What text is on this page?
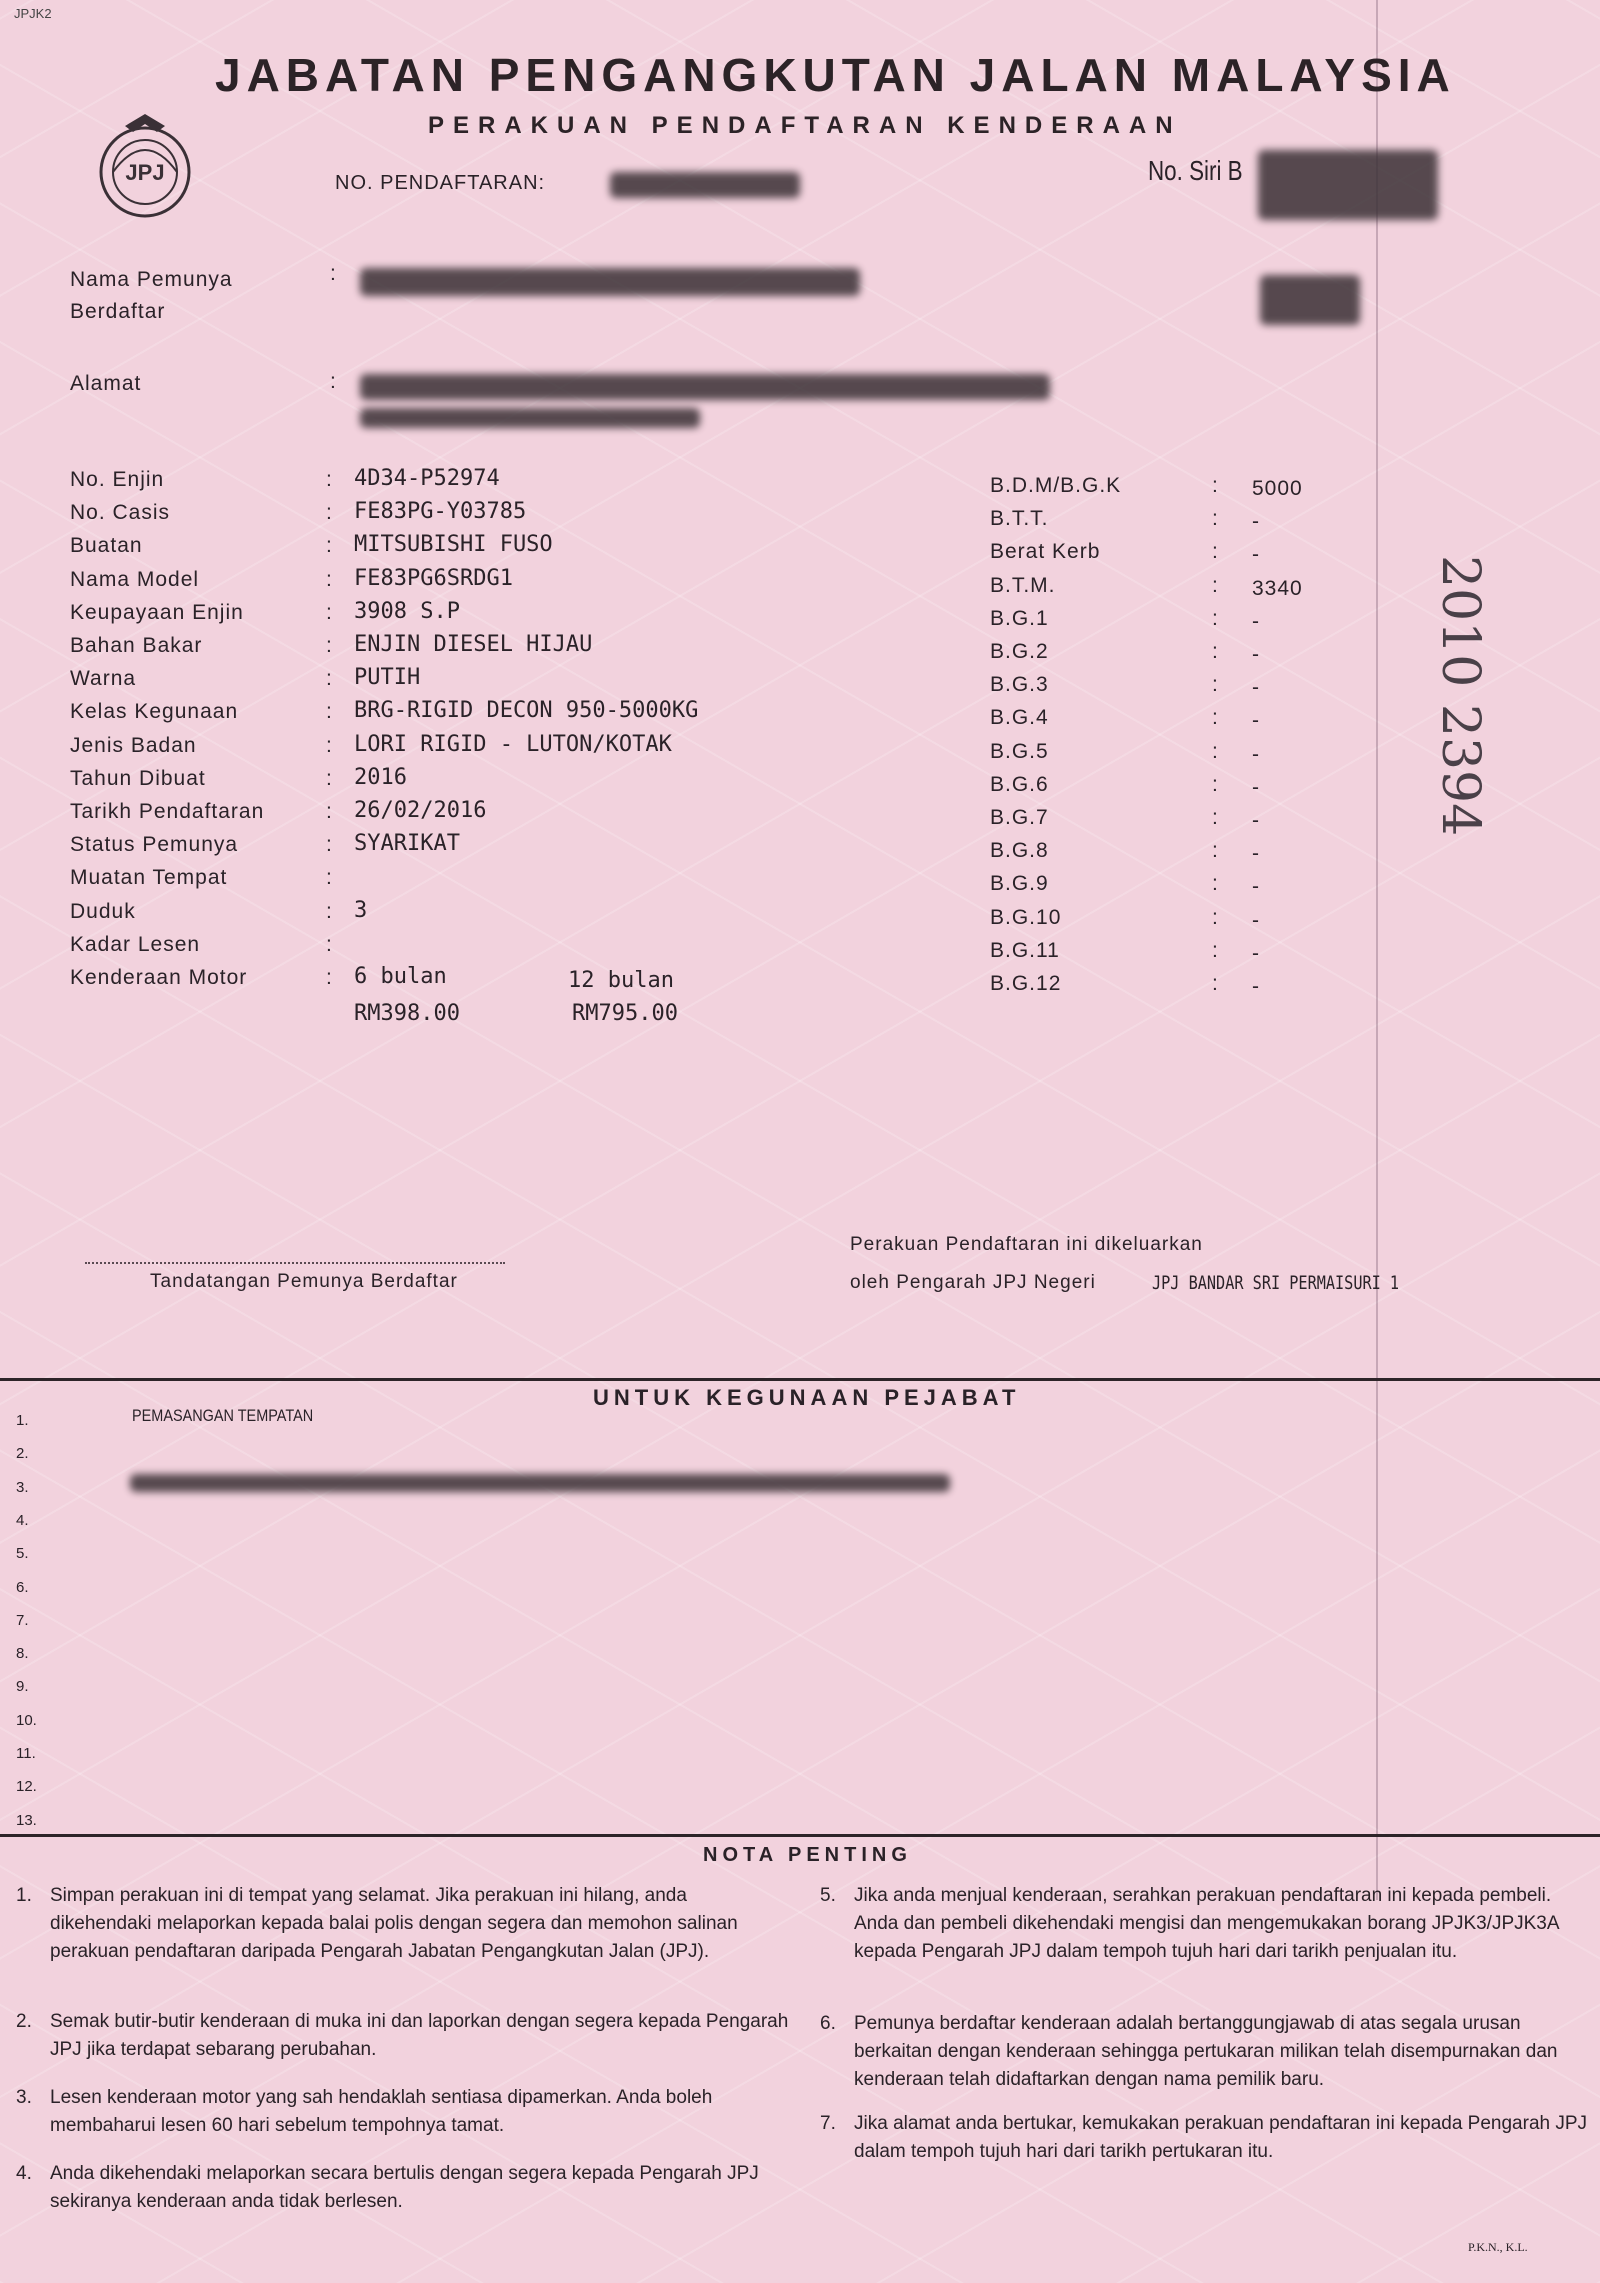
JPJK2
JPJ
JABATAN PENGANGKUTAN JALAN MALAYSIA
PERAKUAN PENDAFTARAN KENDERAAN
NO. PENDAFTARAN:	No. Siri B
Nama Pemunya
Berdaftar
:
Alamat	:
No. Enjin	: 4D34-P52974
No. Casis	: FE83PG-Y03785
Buatan	: MITSUBISHI FUSO
Nama Model	: FE83PG6SRDG1
Keupayaan Enjin	: 3908 S.P
Bahan Bakar	: ENJIN DIESEL HIJAU
Warna	: PUTIH
Kelas Kegunaan	: BRG-RIGID DECON 950-5000KG
Jenis Badan	: LORI RIGID - LUTON/KOTAK
Tahun Dibuat	: 2016
Tarikh Pendaftaran	: 26/02/2016
Status Pemunya	: SYARIKAT
Muatan Tempat	:
Duduk	: 3
Kadar Lesen	:
Kenderaan Motor	: 6 bulan	12 bulan
RM398.00	RM795.00
B.D.M/B.G.K	: 5000
B.T.T.	: -
Berat Kerb	: -
B.T.M.	: 3340
B.G.1	: -
B.G.2	: -
B.G.3	: -
B.G.4	: -
B.G.5	: -
B.G.6	: -
B.G.7	: -
B.G.8	: -
B.G.9	: -
B.G.10	: -
B.G.11	: -
B.G.12	: -
2010 2394
Tandatangan Pemunya Berdaftar
Perakuan Pendaftaran ini dikeluarkan
oleh Pengarah JPJ Negeri	JPJ BANDAR SRI PERMAISURI 1
UNTUK KEGUNAAN PEJABAT
PEMASANGAN TEMPATAN
1.
2.
3.
4.
5.
6.
7.
8.
9.
10.
11.
12.
13.
NOTA PENTING
1. Simpan perakuan ini di tempat yang selamat. Jika perakuan ini hilang, anda dikehendaki melaporkan kepada balai polis dengan segera dan memohon salinan perakuan pendaftaran daripada Pengarah Jabatan Pengangkutan Jalan (JPJ).
2. Semak butir-butir kenderaan di muka ini dan laporkan dengan segera kepada Pengarah JPJ jika terdapat sebarang perubahan.
3. Lesen kenderaan motor yang sah hendaklah sentiasa dipamerkan. Anda boleh membaharui lesen 60 hari sebelum tempohnya tamat.
4. Anda dikehendaki melaporkan secara bertulis dengan segera kepada Pengarah JPJ sekiranya kenderaan anda tidak berlesen.
5. Jika anda menjual kenderaan, serahkan perakuan pendaftaran ini kepada pembeli. Anda dan pembeli dikehendaki mengisi dan mengemukakan borang JPJK3/JPJK3A kepada Pengarah JPJ dalam tempoh tujuh hari dari tarikh penjualan itu.
6. Pemunya berdaftar kenderaan adalah bertanggungjawab di atas segala urusan berkaitan dengan kenderaan sehingga pertukaran milikan telah disempurnakan dan kenderaan telah didaftarkan dengan nama pemilik baru.
7. Jika alamat anda bertukar, kemukakan perakuan pendaftaran ini kepada Pengarah JPJ dalam tempoh tujuh hari dari tarikh pertukaran itu.
P.K.N., K.L.
